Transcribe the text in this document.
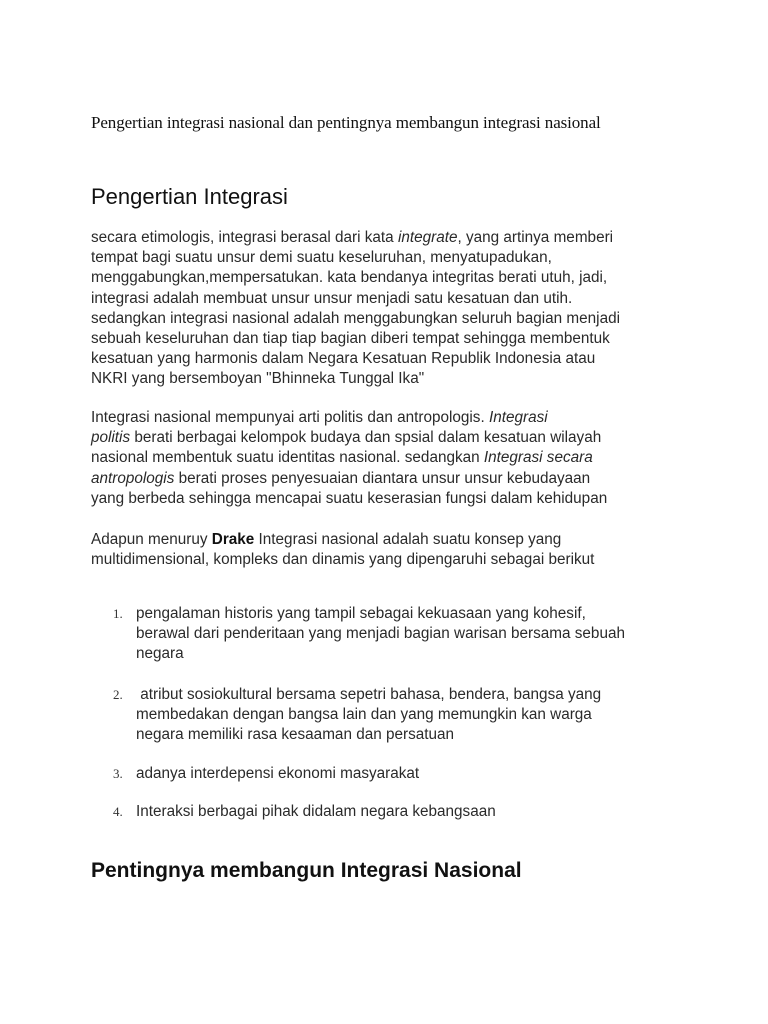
Pengertian integrasi nasional dan pentingnya membangun integrasi nasional
Pengertian Integrasi
secara etimologis, integrasi berasal dari kata integrate, yang artinya memberi
tempat bagi suatu unsur demi suatu keseluruhan, menyatupadukan,
menggabungkan,mempersatukan. kata bendanya integritas berati utuh, jadi,
integrasi adalah membuat unsur unsur menjadi satu kesatuan dan utih.
sedangkan integrasi nasional adalah menggabungkan seluruh bagian menjadi
sebuah keseluruhan dan tiap tiap bagian diberi tempat sehingga membentuk
kesatuan yang harmonis dalam Negara Kesatuan Republik Indonesia atau
NKRI yang bersemboyan "Bhinneka Tunggal Ika"
Integrasi nasional mempunyai arti politis dan antropologis. Integrasi
politis berati berbagai kelompok budaya dan spsial dalam kesatuan wilayah
nasional membentuk suatu identitas nasional. sedangkan Integrasi secara
antropologis berati proses penyesuaian diantara unsur unsur kebudayaan
yang berbeda sehingga mencapai suatu keserasian fungsi dalam kehidupan
Adapun menuruy Drake Integrasi nasional adalah suatu konsep yang
multidimensional, kompleks dan dinamis yang dipengaruhi sebagai berikut
1. pengalaman historis yang tampil sebagai kekuasaan yang kohesif,
berawal dari penderitaan yang menjadi bagian warisan bersama sebuah
negara
2. atribut sosiokultural bersama sepetri bahasa, bendera, bangsa yang
membedakan dengan bangsa lain dan yang memungkin kan warga
negara memiliki rasa kesaaman dan persatuan
3. adanya interdepensi ekonomi masyarakat
4. Interaksi berbagai pihak didalam negara kebangsaan
Pentingnya membangun Integrasi Nasional
